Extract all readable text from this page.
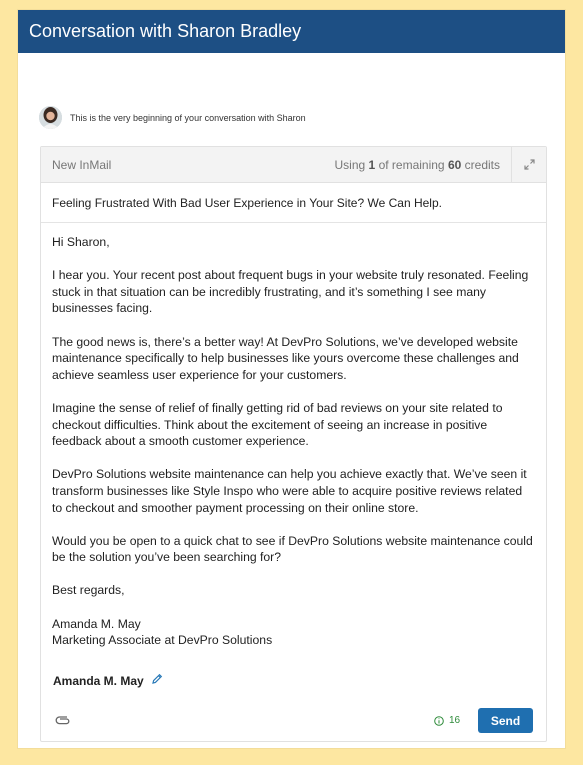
Conversation with Sharon Bradley
This is the very beginning of your conversation with Sharon
New InMail	Using 1 of remaining 60 credits
Feeling Frustrated With Bad User Experience in Your Site? We Can Help.

Hi Sharon,

I hear you. Your recent post about frequent bugs in your website truly resonated. Feeling stuck in that situation can be incredibly frustrating, and it’s something I see many businesses facing.

The good news is, there’s a better way! At DevPro Solutions, we’ve developed website maintenance specifically to help businesses like yours overcome these challenges and achieve seamless user experience for your customers.

Imagine the sense of relief of finally getting rid of bad reviews on your site related to checkout difficulties. Think about the excitement of seeing an increase in positive feedback about a smooth customer experience.

DevPro Solutions website maintenance can help you achieve exactly that. We’ve seen it transform businesses like Style Inspo who were able to acquire positive reviews related to checkout and smoother payment processing on their online store.

Would you be open to a quick chat to see if DevPro Solutions website maintenance could be the solution you’ve been searching for?

Best regards,

Amanda M. May

Marketing Associate at DevPro Solutions

Amanda M. May
16	Send
